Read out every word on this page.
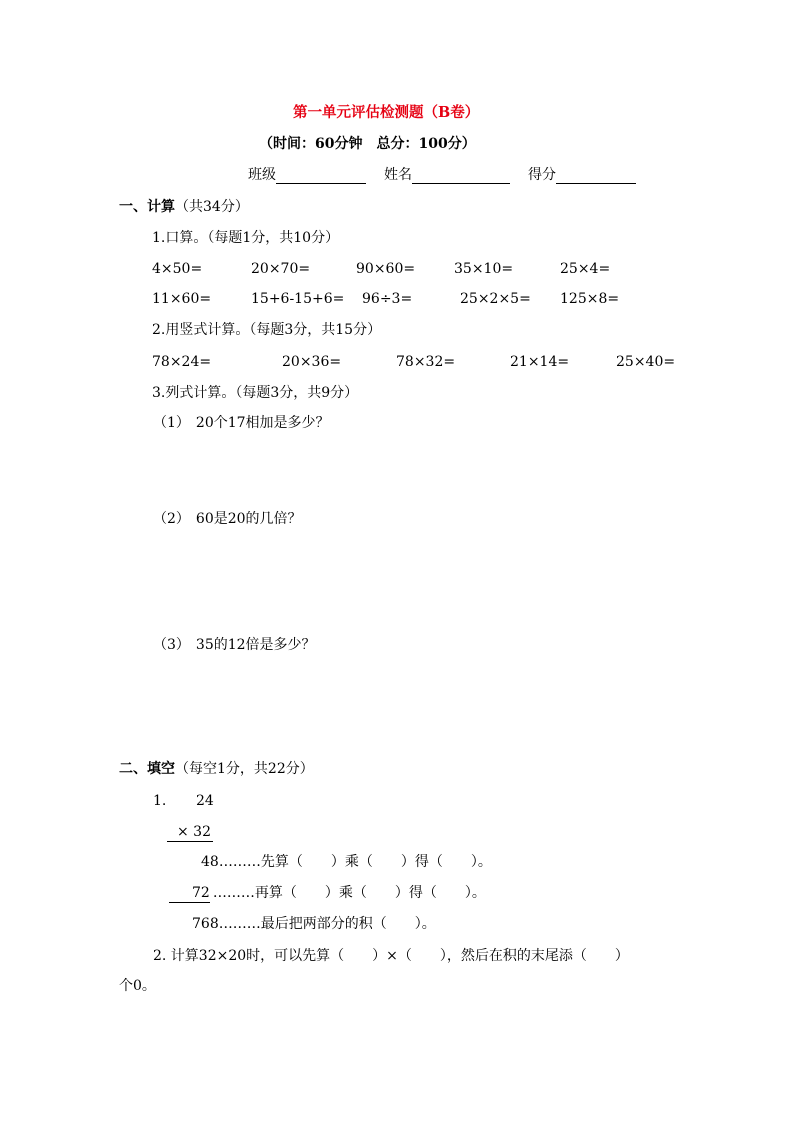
第一单元评估检测题（B卷）
（时间：60分钟　总分：100分）
班级	姓名	得分
一、计算（共34分）
1.口算。（每题1分，共10分）
4×50=	20×70=	90×60=	35×10=	25×4=
11×60=	15+6-15+6= 96÷3=	25×2×5= 125×8=
2.用竖式计算。（每题3分，共15分）
78×24=	20×36=	78×32=	21×14=	25×40=
3.列式计算。（每题3分，共9分）
（1） 20个17相加是多少？
（2） 60是20的几倍？
（3） 35的12倍是多少？
二、填空（每空1分，共22分）
1. 24
× 32
48………先算（　　）乘（　　）得（　　）。
72 ………再算（　　）乘（　　）得（　　）。
768………最后把两部分的积（　　）。
2. 计算32×20时，可以先算（　　）×（　　），然后在积的末尾添（　　）
个0。
